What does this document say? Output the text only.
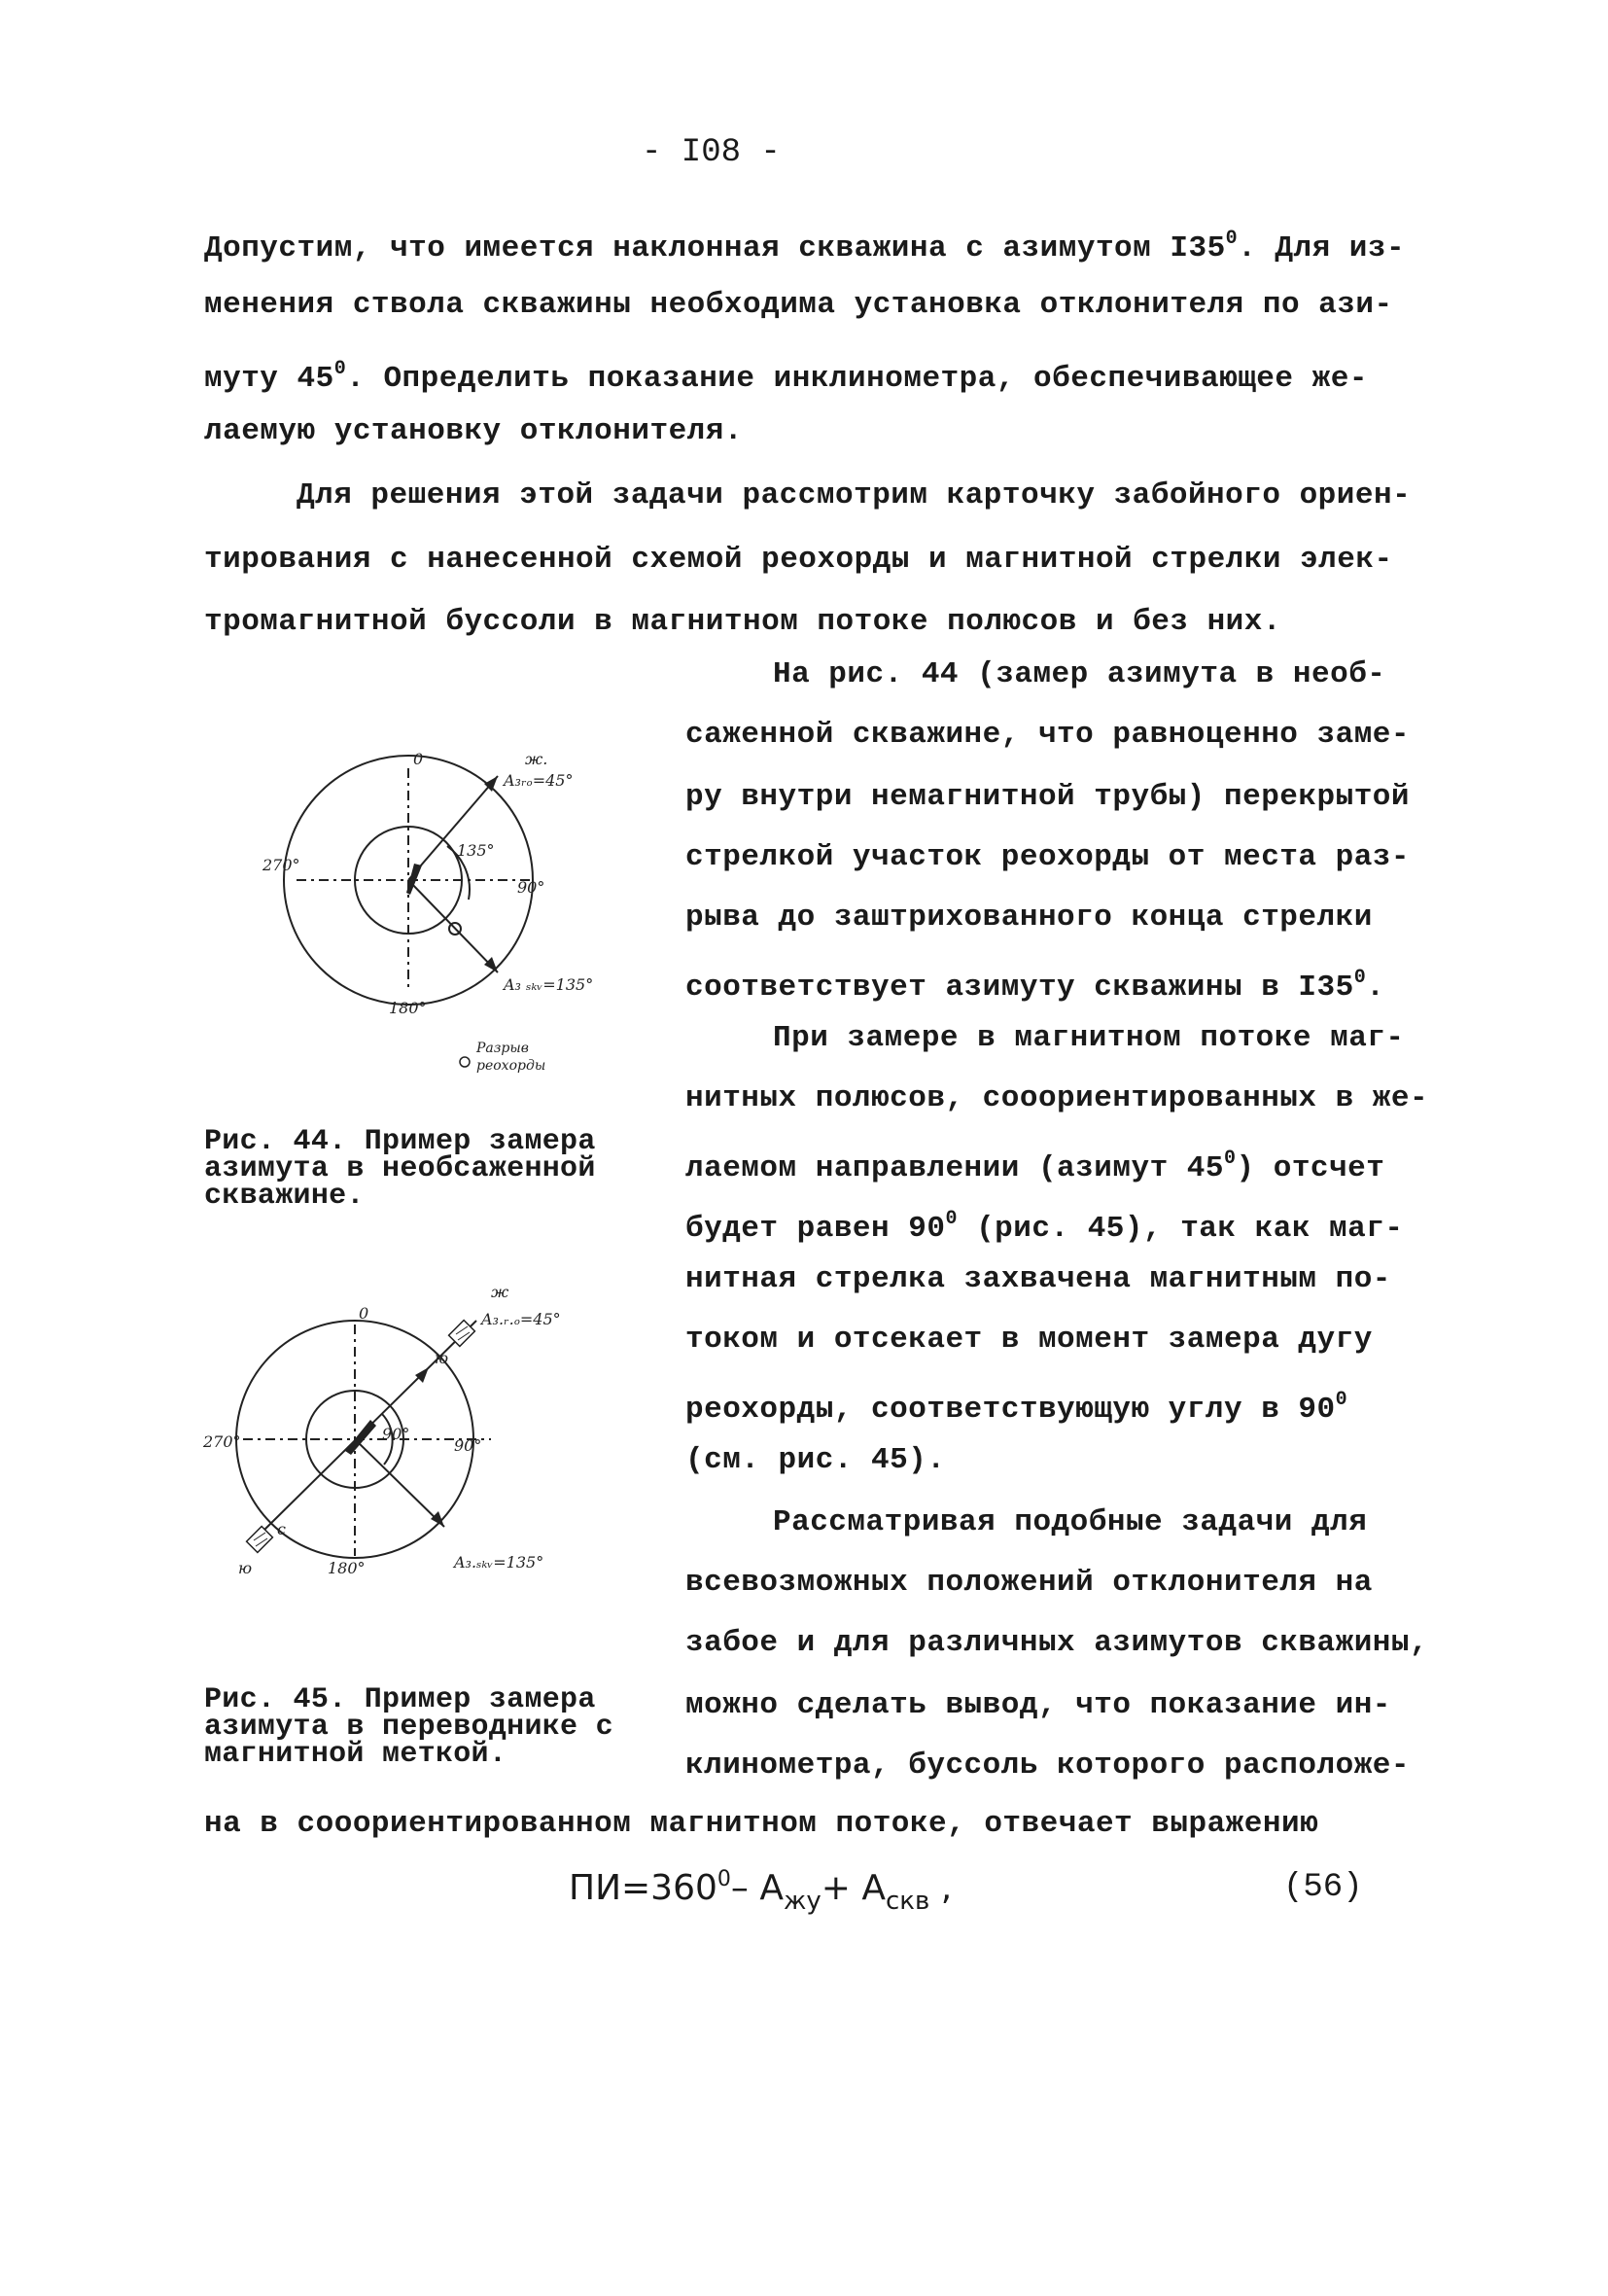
- I08 -
Допустим, что имеется наклонная скважина с азимутом $I35^0$. Для из-
менения ствола скважины необходима установка отклонителя по ази-
муту $45^0$. Определить показание инклинометра, обеспечивающее же-
лаемую установку отклонителя.
Для решения этой задачи рассмотрим карточку забойного ориен-
тирования с нанесенной схемой реохорды и магнитной стрелки элек-
тромагнитной буссоли в магнитном потоке полюсов и без них.
На рис. 44 (замер азимута в необ-
саженной скважине, что равноценно заме-
ру внутри немагнитной трубы) перекрытой
стрелкой участок реохорды от места раз-
рыва до заштрихованного конца стрелки
соответствует азимуту скважины в $I35^0$.
При замере в магнитном потоке маг-
нитных полюсов, сооориентированных в же-
лаемом направлении (азимут $45^0$) отсчет
будет равен $90^0$ (рис. 45), так как маг-
нитная стрелка захвачена магнитным по-
током и отсекает в момент замера дугу
реохорды, соответствующую углу в $90^0$
(см. рис. 45).
Рассматривая подобные задачи для
всевозможных положений отклонителя на
забое и для различных азимутов скважины,
можно сделать вывод, что показание ин-
клинометра, буссоль которого расположе-
на в сооориентированном магнитном потоке, отвечает выражению
0	ж.
A₃ᵣₒ=45°
270°
135°
90°
180°
A₃ ₛₖᵥ=135°
Разрыв
реохорды
Рис. 44. Пример замера
азимута в необсаженной
скважине.
0
ж
A₃.ᵣ.ₒ=45°
ю
270°	90°
90°
с
ю	180°	A₃.ₛₖᵥ=135°
Рис. 45. Пример замера
азимута в переводнике с
магнитной меткой.
$ПИ=360^0-$ $A_{жу}+ A_{скв}$ ,	(56)
